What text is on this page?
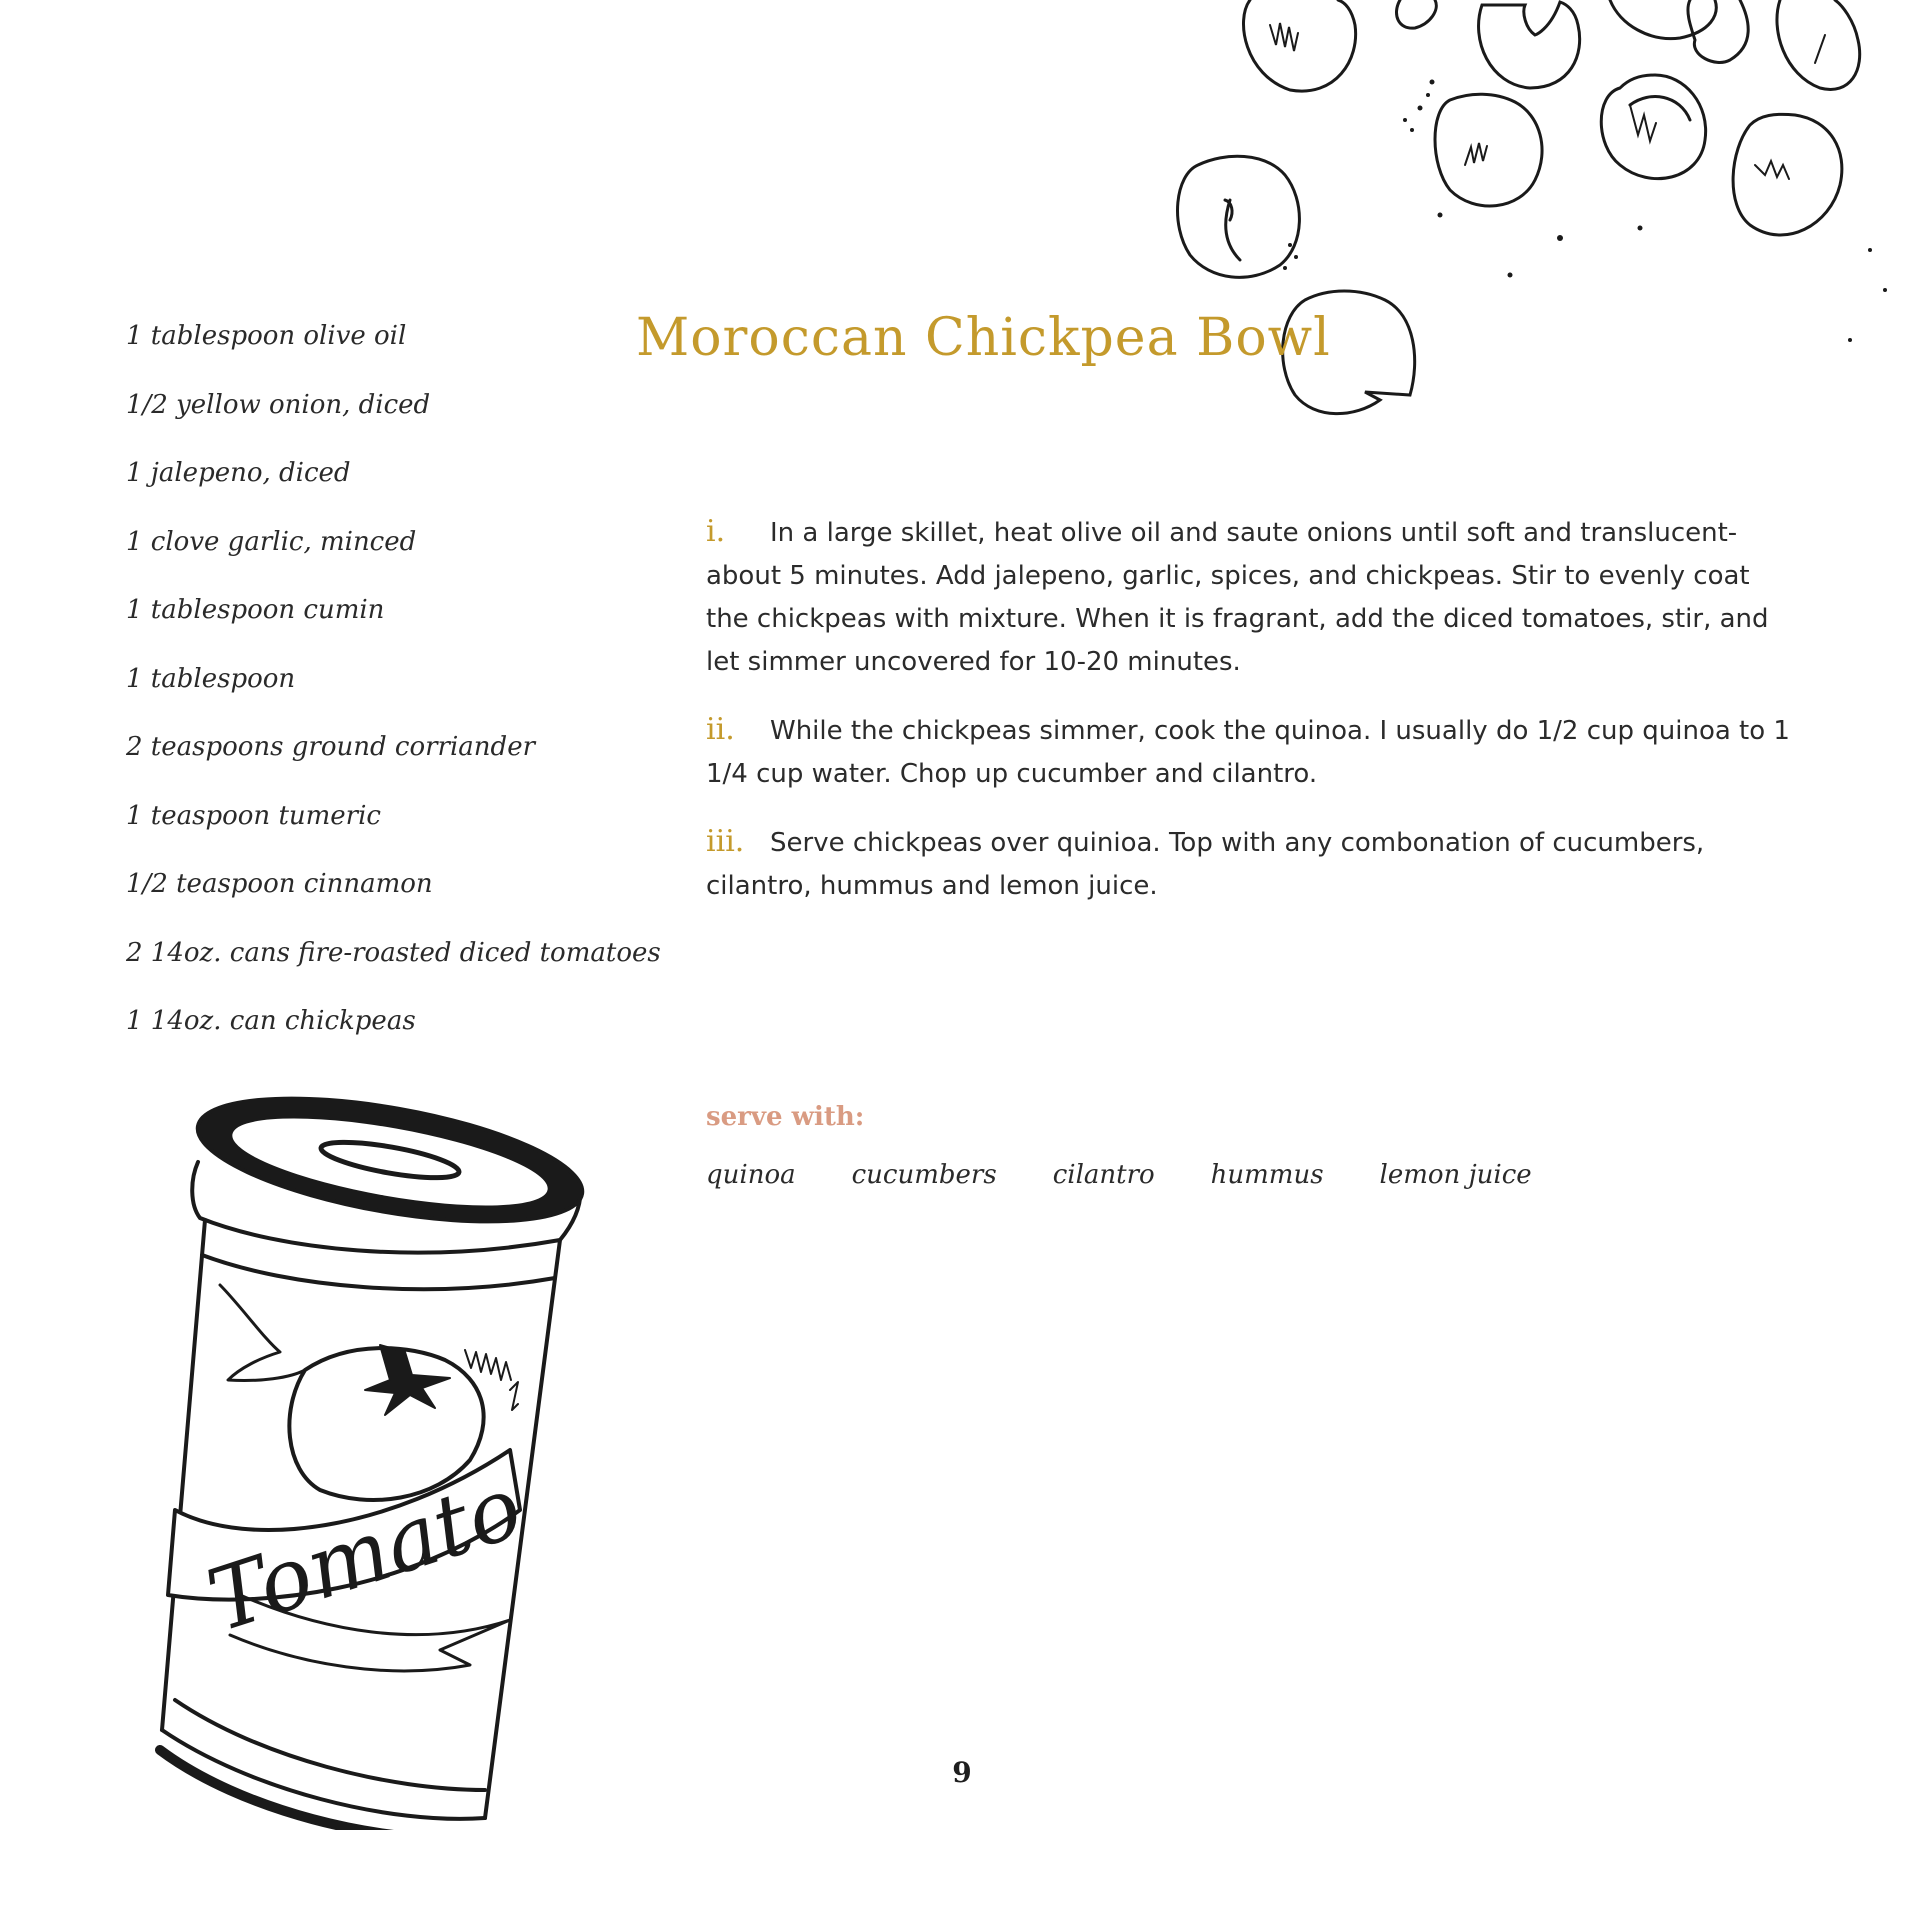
Moroccan Chickpea Bowl
1 tablespoon olive oil
1/2 yellow onion, diced
1 jalepeno, diced
1 clove garlic, minced
1 tablespoon cumin
1 tablespoon
2 teaspoons ground corriander
1 teaspoon tumeric
1/2 teaspoon cinnamon
2 14oz. cans fire-roasted diced tomatoes
1 14oz. can chickpeas
i. In a large skillet, heat olive oil and saute onions until soft and translucent- about 5 minutes. Add jalepeno, garlic, spices, and chickpeas. Stir to evenly coat the chickpeas with mixture. When it is fragrant, add the diced tomatoes, stir, and let simmer uncovered for 10-20 minutes.
ii. While the chickpeas simmer, cook the quinoa. I usually do 1/2 cup quinoa to 1 1/4 cup water. Chop up cucumber and cilantro.
iii. Serve chickpeas over quinioa. Top with any combonation of cucumbers, cilantro, hummus and lemon juice.
serve with:
quinoa cucumbers cilantro hummus lemon juice
Tomato
9
